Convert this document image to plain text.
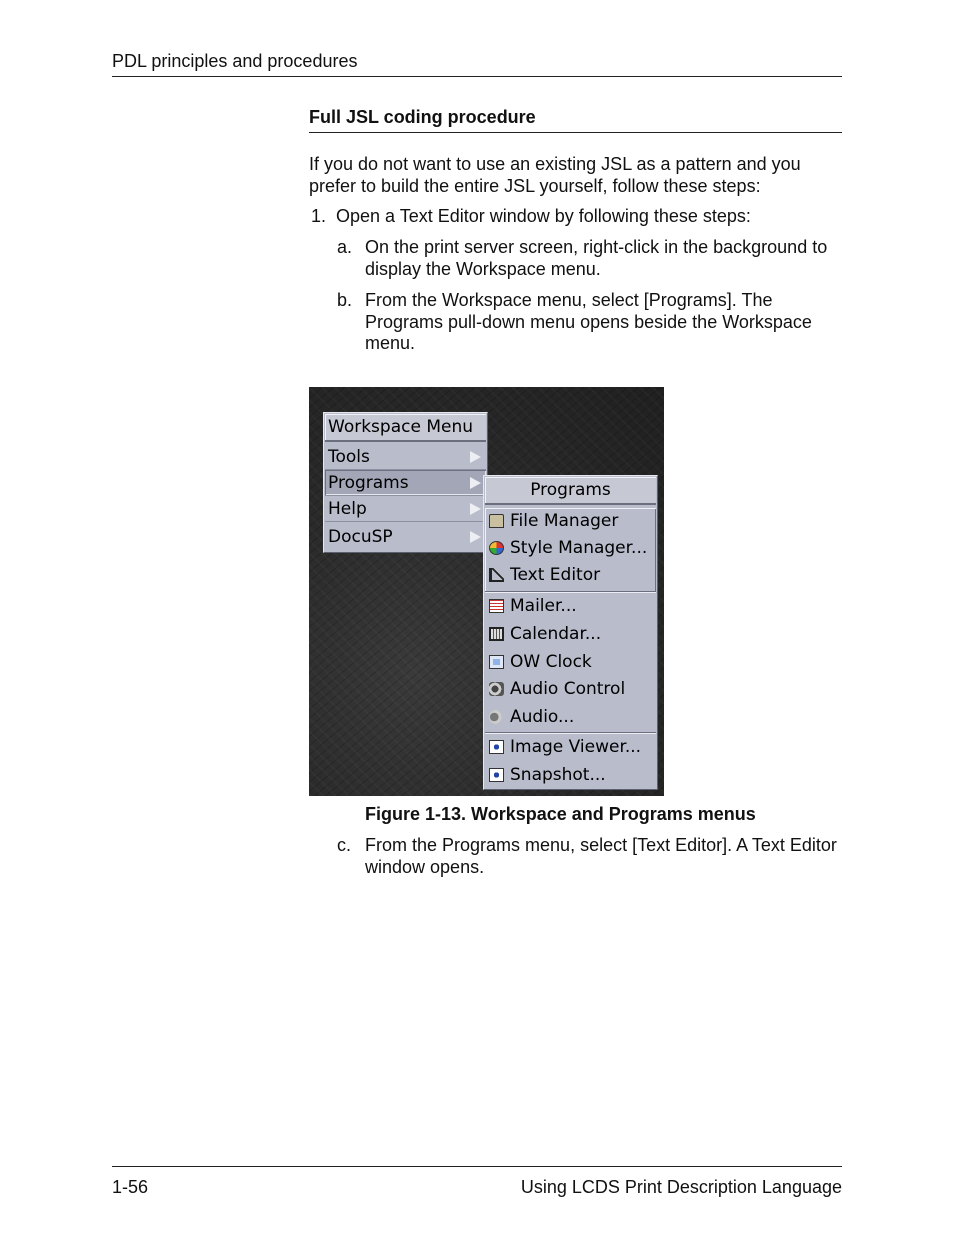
PDL principles and procedures
Full JSL coding procedure
If you do not want to use an existing JSL as a pattern and you prefer to build the entire JSL yourself, follow these steps:
1. Open a Text Editor window by following these steps:
a. On the print server screen, right-click in the background to display the Workspace menu.
b. From the Workspace menu, select [Programs]. The Programs pull-down menu opens beside the Workspace menu.
Workspace Menu
Tools
Programs
Help
DocuSP
Programs
File Manager
Style Manager...
Text Editor
Mailer...
Calendar...
OW Clock
Audio Control
Audio...
Image Viewer...
Snapshot...
Figure 1-13. Workspace and Programs menus
c. From the Programs menu, select [Text Editor]. A Text Editor window opens.
1-56	Using LCDS Print Description Language
